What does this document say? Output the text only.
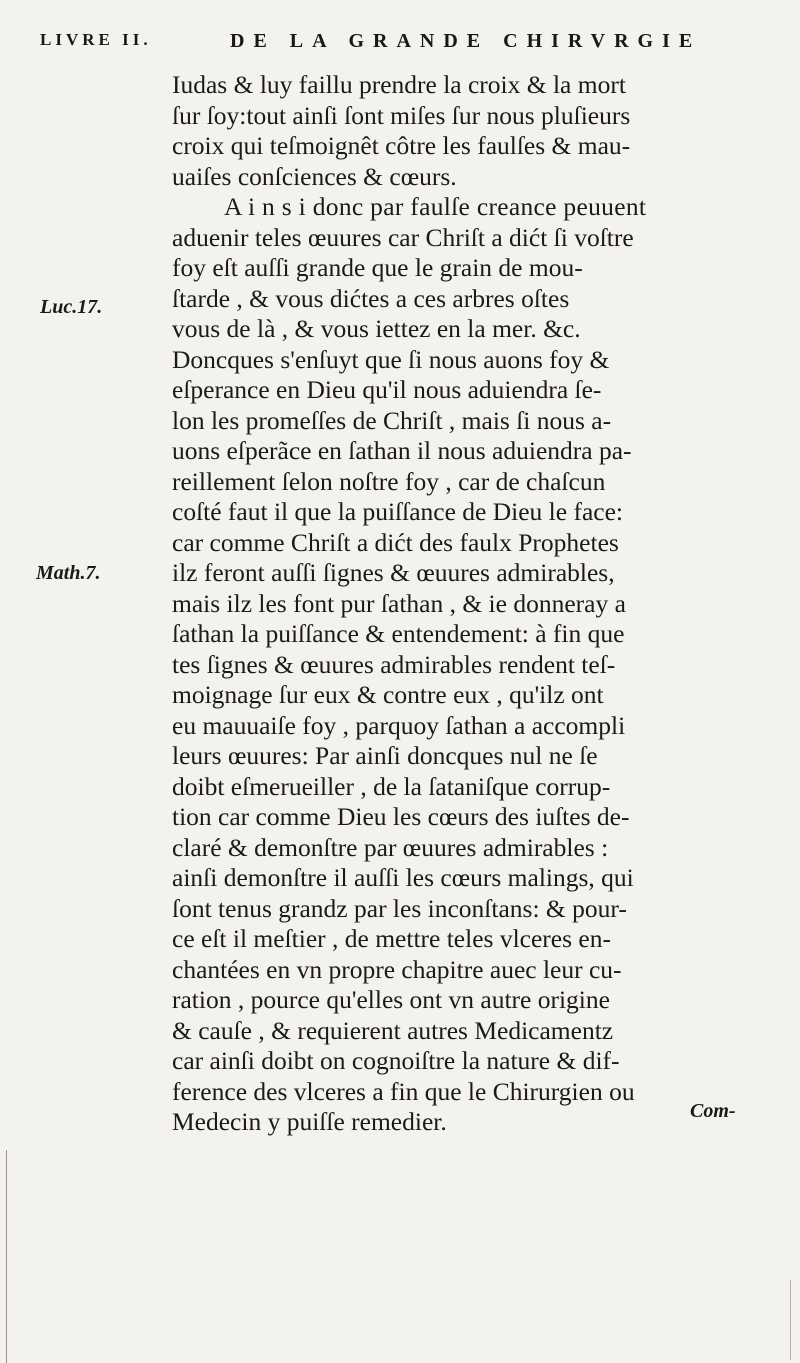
LIVRE II.	DE LA GRANDE CHIRVRGIE
Luc.17.
Math.7.
Iudas & luy faillu prendre la croix & la mort
ſur ſoy:tout ainſi ſont miſes ſur nous pluſieurs
croix qui teſmoignêt côtre les faulſes & mau-
uaiſes conſciences & cœurs.
A i n s i donc par faulſe creance peuuent
aduenir teles œuures car Chriſt a dićt ſi voſtre
foy eſt auſſi grande que le grain de mou-
ſtarde , & vous dićtes a ces arbres oſtes
vous de là , & vous iettez en la mer. &c.
Doncques s'enſuyt que ſi nous auons foy &
eſperance en Dieu qu'il nous aduiendra ſe-
lon les promeſſes de Chriſt , mais ſi nous a-
uons eſperãce en ſathan il nous aduiendra pa-
reillement ſelon noſtre foy , car de chaſcun
coſté faut il que la puiſſance de Dieu le face:
car comme Chriſt a dićt des faulx Prophetes
ilz feront auſſi ſignes & œuures admirables,
mais ilz les font pur ſathan , & ie donneray a
ſathan la puiſſance & entendement: à fin que
tes ſignes & œuures admirables rendent teſ-
moignage ſur eux & contre eux , qu'ilz ont
eu mauuaiſe foy , parquoy ſathan a accompli
leurs œuures: Par ainſi doncques nul ne ſe
doibt eſmerueiller , de la ſataniſque corrup-
tion car comme Dieu les cœurs des iuſtes de-
claré & demonſtre par œuures admirables :
ainſi demonſtre il auſſi les cœurs malings, qui
ſont tenus grandz par les inconſtans: & pour-
ce eſt il meſtier , de mettre teles vlceres en-
chantées en vn propre chapitre auec leur cu-
ration , pource qu'elles ont vn autre origine
& cauſe , & requierent autres Medicamentz
car ainſi doibt on cognoiſtre la nature & dif-
ference des vlceres a fin que le Chirurgien ou
Medecin y puiſſe remedier.	Com-
